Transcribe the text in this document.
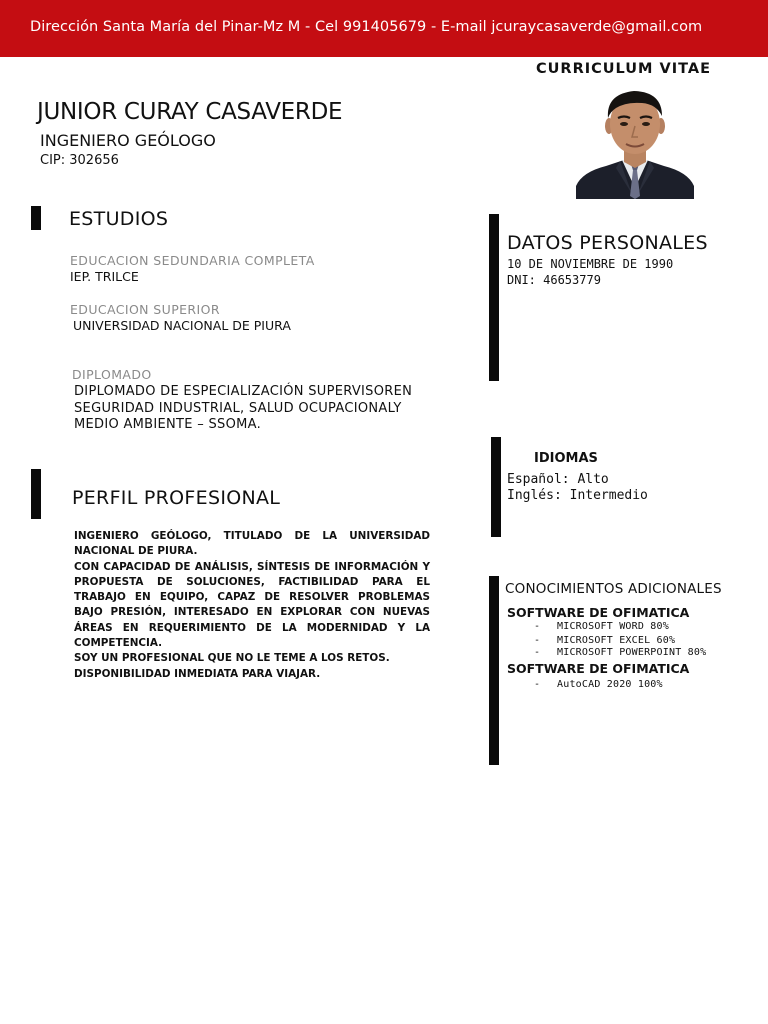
Dirección Santa María del Pinar-Mz M - Cel 991405679 - E-mail jcuraycasaverde@gmail.com
CURRICULUM VITAE
JUNIOR CURAY CASAVERDE
INGENIERO GEÓLOGO
CIP: 302656
ESTUDIOS
EDUCACION SEDUNDARIA COMPLETA
IEP. TRILCE
EDUCACION SUPERIOR
UNIVERSIDAD NACIONAL DE PIURA
DIPLOMADO
DIPLOMADO DE ESPECIALIZACIÓN SUPERVISOREN
SEGURIDAD INDUSTRIAL, SALUD OCUPACIONALY
MEDIO AMBIENTE – SSOMA.
PERFIL PROFESIONAL
INGENIERO GEÓLOGO, TITULADO DE LA UNIVERSIDAD
NACIONAL DE PIURA.
CON CAPACIDAD DE ANÁLISIS, SÍNTESIS DE INFORMACIÓN Y
PROPUESTA DE SOLUCIONES, FACTIBILIDAD PARA EL
TRABAJO EN EQUIPO, CAPAZ DE RESOLVER PROBLEMAS
BAJO PRESIÓN, INTERESADO EN EXPLORAR CON NUEVAS
ÁREAS EN REQUERIMIENTO DE LA MODERNIDAD Y LA
COMPETENCIA.
SOY UN PROFESIONAL QUE NO LE TEME A LOS RETOS.
DISPONIBILIDAD INMEDIATA PARA VIAJAR.
DATOS PERSONALES
10 DE NOVIEMBRE DE 1990
DNI: 46653779
IDIOMAS
Español: Alto
Inglés: Intermedio
CONOCIMIENTOS ADICIONALES
SOFTWARE DE OFIMATICA
- MICROSOFT WORD 80%
- MICROSOFT EXCEL 60%
- MICROSOFT POWERPOINT 80%
SOFTWARE DE OFIMATICA
- AutoCAD 2020 100%
